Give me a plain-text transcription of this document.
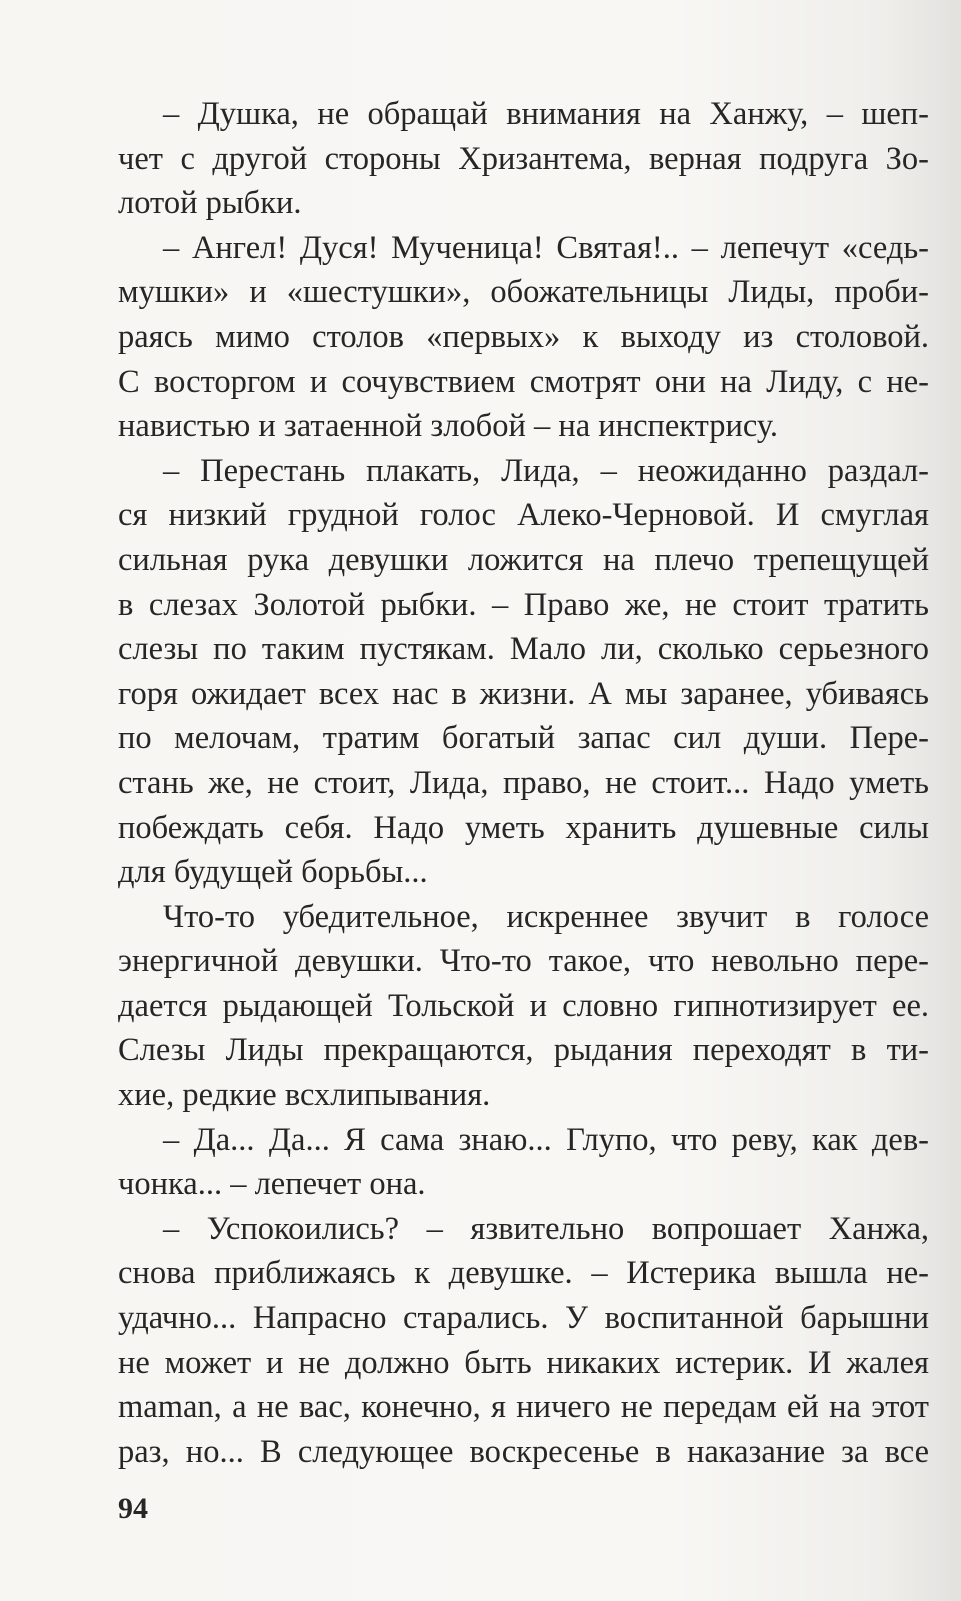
– Душка, не обращай внимания на Ханжу, – шеп-
чет с другой стороны Хризантема, верная подруга Зо-
лотой рыбки.
– Ангел! Дуся! Мученица! Святая!.. – лепечут «седь-
мушки» и «шестушки», обожательницы Лиды, проби-
раясь мимо столов «первых» к выходу из столовой.
С восторгом и сочувствием смотрят они на Лиду, с не-
навистью и затаенной злобой – на инспектрису.
– Перестань плакать, Лида, – неожиданно раздал-
ся низкий грудной голос Алеко-Черновой. И смуглая
сильная рука девушки ложится на плечо трепещущей
в слезах Золотой рыбки. – Право же, не стоит тратить
слезы по таким пустякам. Мало ли, сколько серьезного
горя ожидает всех нас в жизни. А мы заранее, убиваясь
по мелочам, тратим богатый запас сил души. Пере-
стань же, не стоит, Лида, право, не стоит... Надо уметь
побеждать себя. Надо уметь хранить душевные силы
для будущей борьбы...
Что-то убедительное, искреннее звучит в голосе
энергичной девушки. Что-то такое, что невольно пере-
дается рыдающей Тольской и словно гипнотизирует ее.
Слезы Лиды прекращаются, рыдания переходят в ти-
хие, редкие всхлипывания.
– Да... Да... Я сама знаю... Глупо, что реву, как дев-
чонка... – лепечет она.
– Успокоились? – язвительно вопрошает Ханжа,
снова приближаясь к девушке. – Истерика вышла не-
удачно... Напрасно старались. У воспитанной барышни
не может и не должно быть никаких истерик. И жалея
maman, а не вас, конечно, я ничего не передам ей на этот
раз, но... В следующее воскресенье в наказание за все
94
